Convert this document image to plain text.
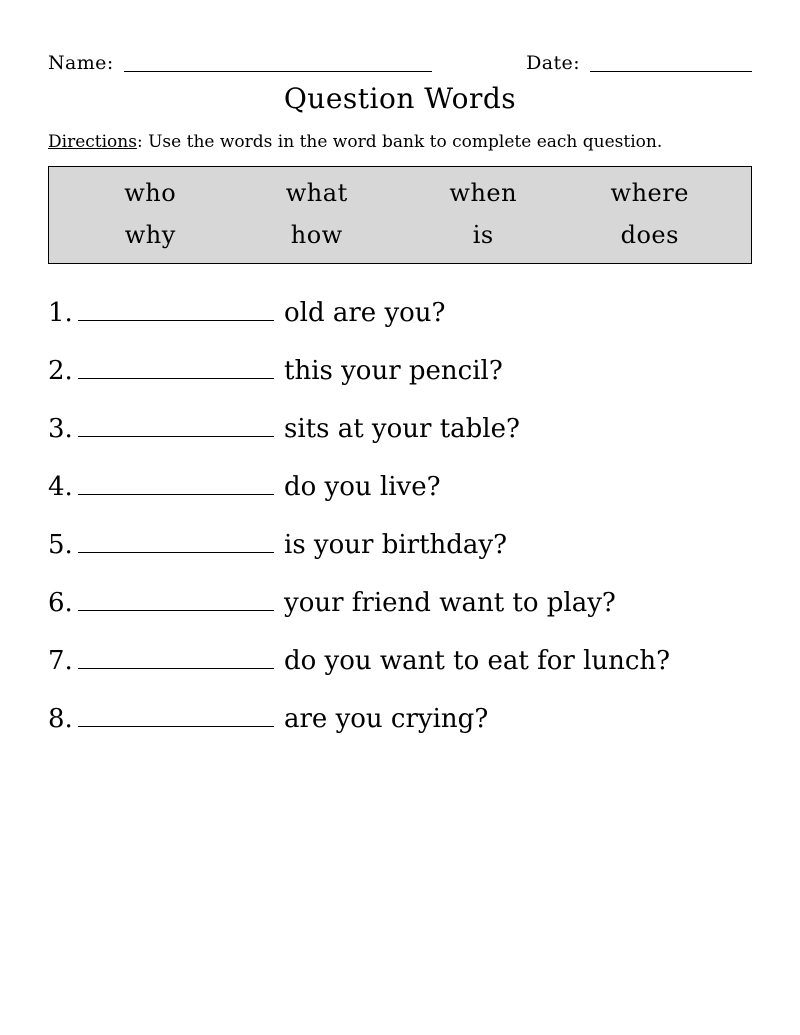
Name:	Date:
Question Words

Directions: Use the words in the word bank to complete each question.

who	what	when	where
why	how	is	does
1.	old are you?
2.	this your pencil?
3.	sits at your table?
4.	do you live?
5.	is your birthday?
6.	your friend want to play?
7.	do you want to eat for lunch?
8.	are you crying?
